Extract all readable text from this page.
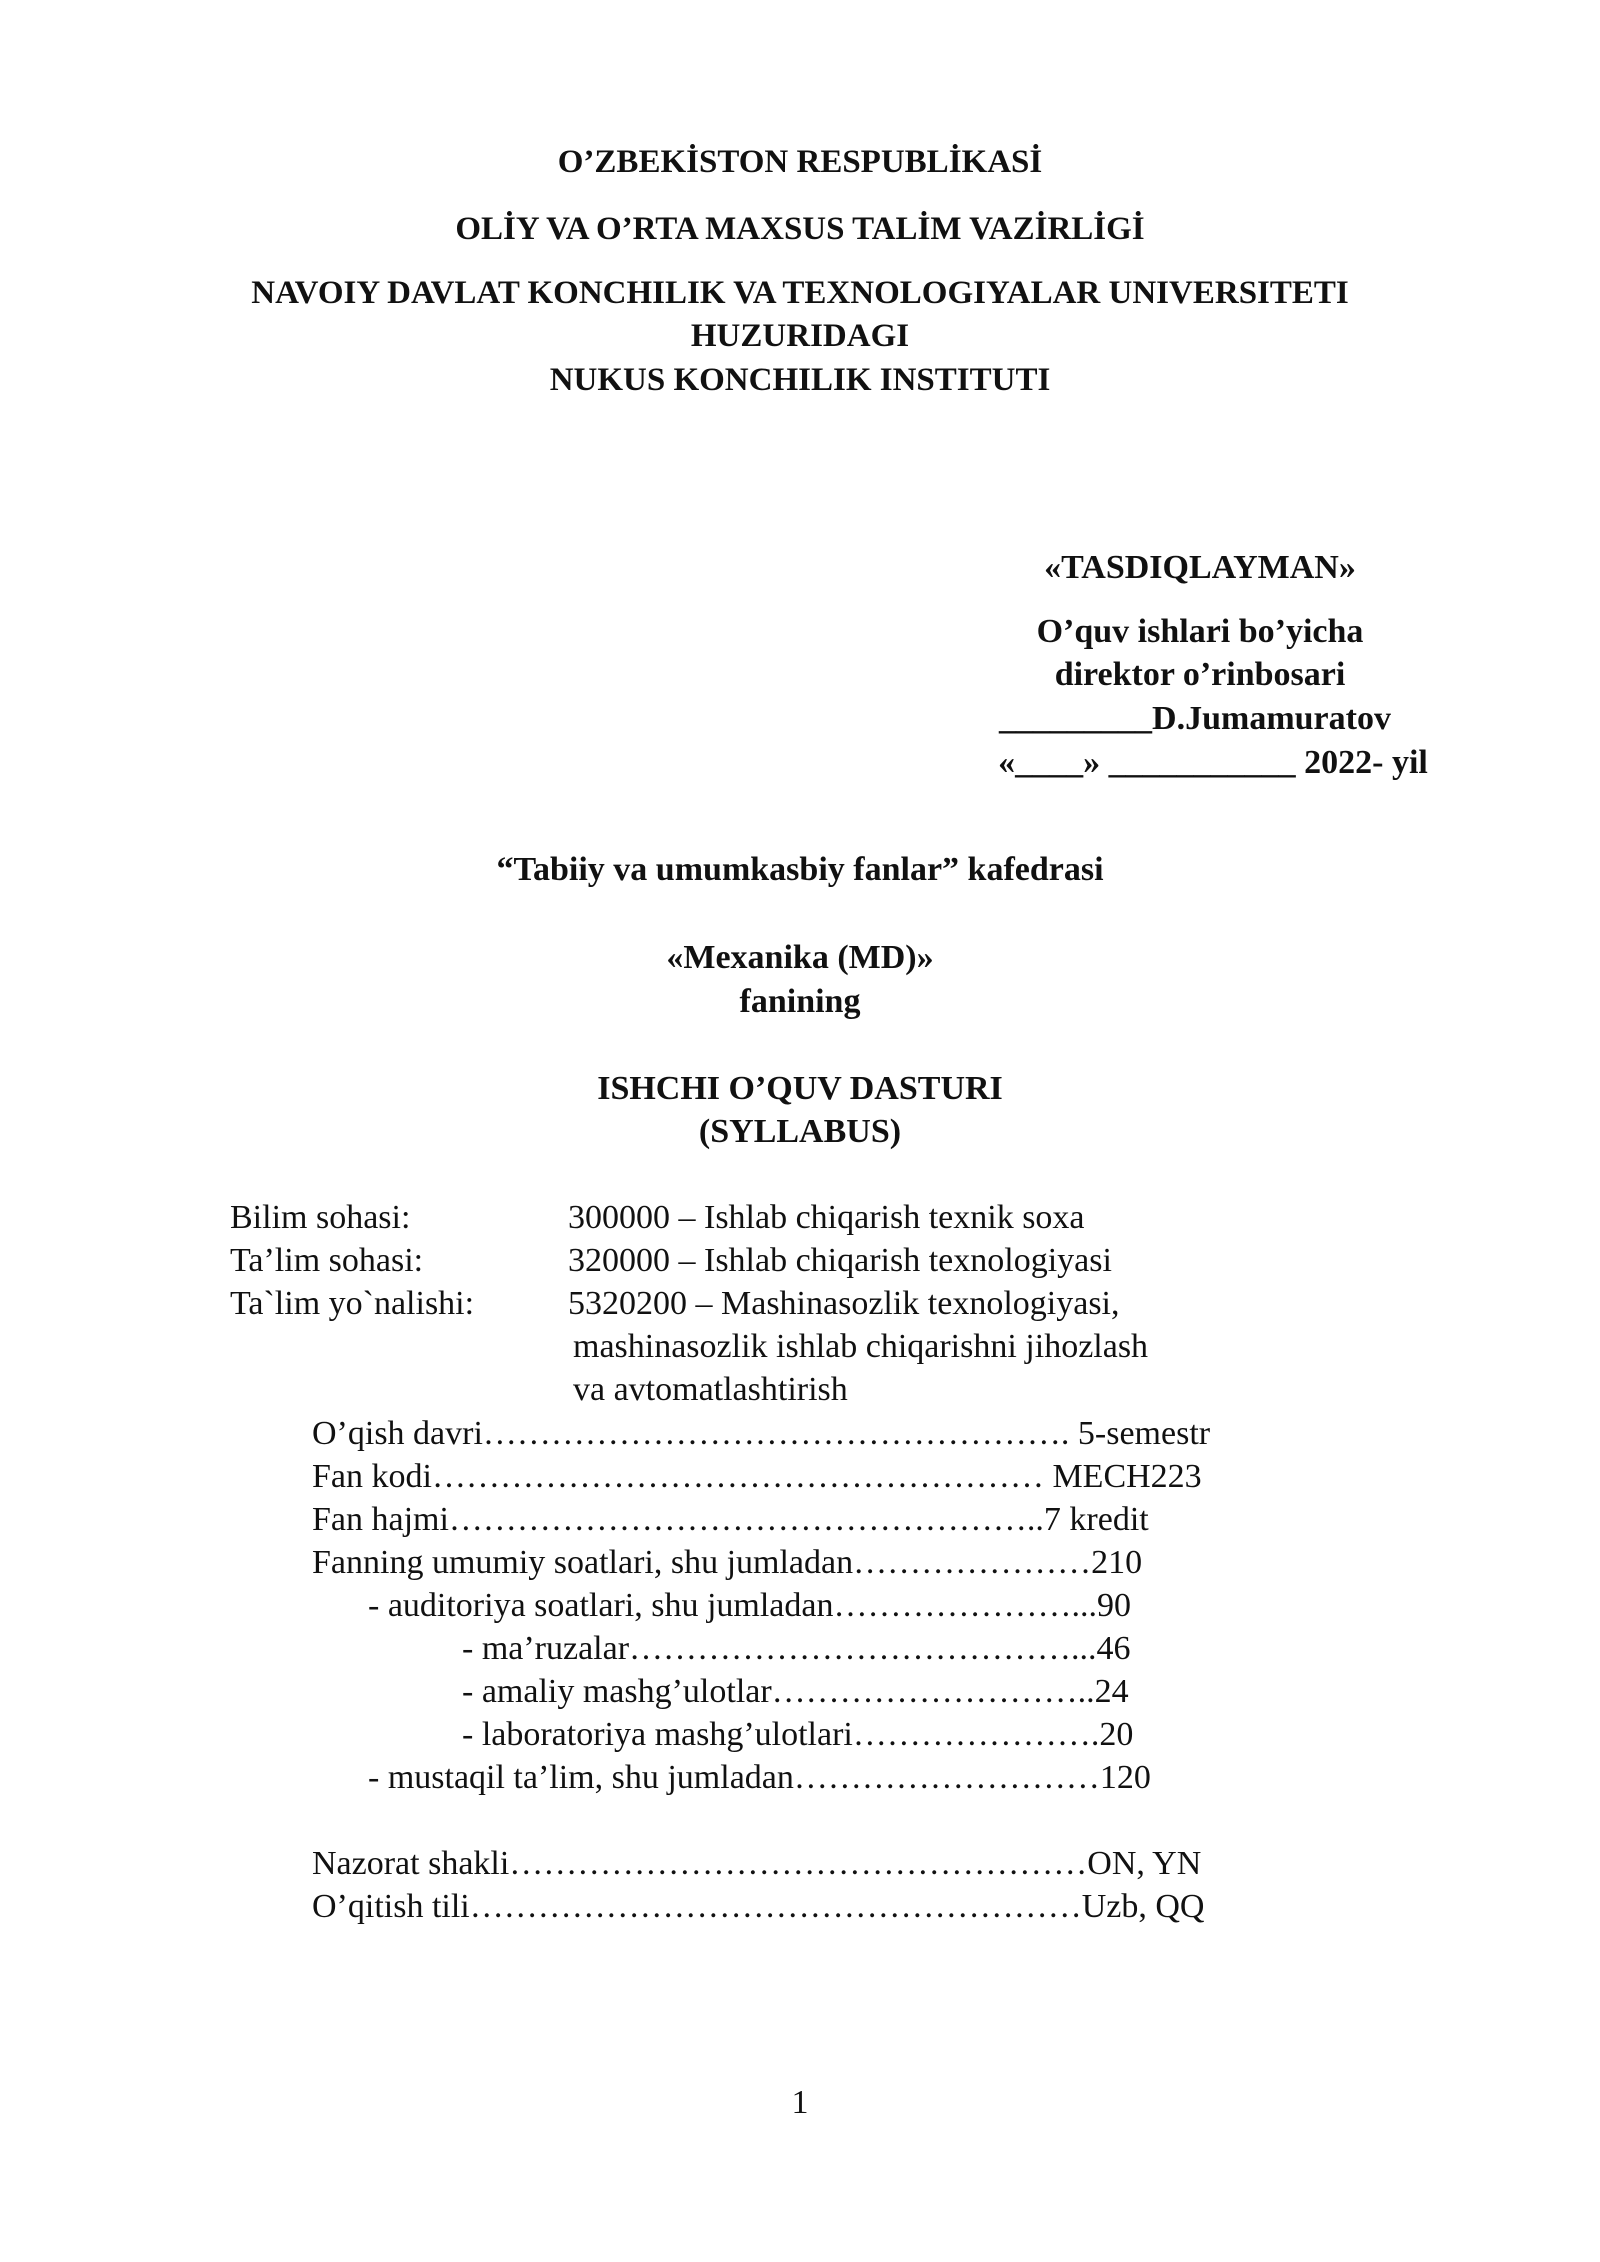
O’ZBEKİSTON RESPUBLİKASİ
OLİY VA O’RTA MAXSUS TALİM VAZİRLİGİ
NAVOIY DAVLAT KONCHILIK VA TEXNOLOGIYALAR UNIVERSITETI
HUZURIDAGI
NUKUS KONCHILIK INSTITUTI
«TASDIQLAYMAN»
O’quv ishlari bo’yicha
direktor o’rinbosari
_________D.Jumamuratov
«____» ___________ 2022- yil
“Tabiiy va umumkasbiy fanlar” kafedrasi
«Mexanika (MD)»
fanining
ISHCHI O’QUV DASTURI
(SYLLABUS)
Bilim sohasi:	300000 – Ishlab chiqarish texnik soxa
Ta’lim sohasi:	320000 – Ishlab chiqarish texnologiyasi
Ta`lim yo`nalishi:	5320200 – Mashinasozlik texnologiyasi,
mashinasozlik ishlab chiqarishni jihozlash
va avtomatlashtirish
O’qish davri……………………………………………. 5-semestr
Fan kodi……………………………………………… MECH223
Fan hajmi……………………………………………..7 kredit
Fanning umumiy soatlari, shu jumladan…………………210
- auditoriya soatlari, shu jumladan…………………...90
- ma’ruzalar…………………………………...46
- amaliy mashg’ulotlar………………………..24
- laboratoriya mashg’ulotlari………………….20
- mustaqil ta’lim, shu jumladan………………………120
Nazorat shakli……………………………………………ON, YN
O’qitish tili………………………………………………Uzb, QQ
1
